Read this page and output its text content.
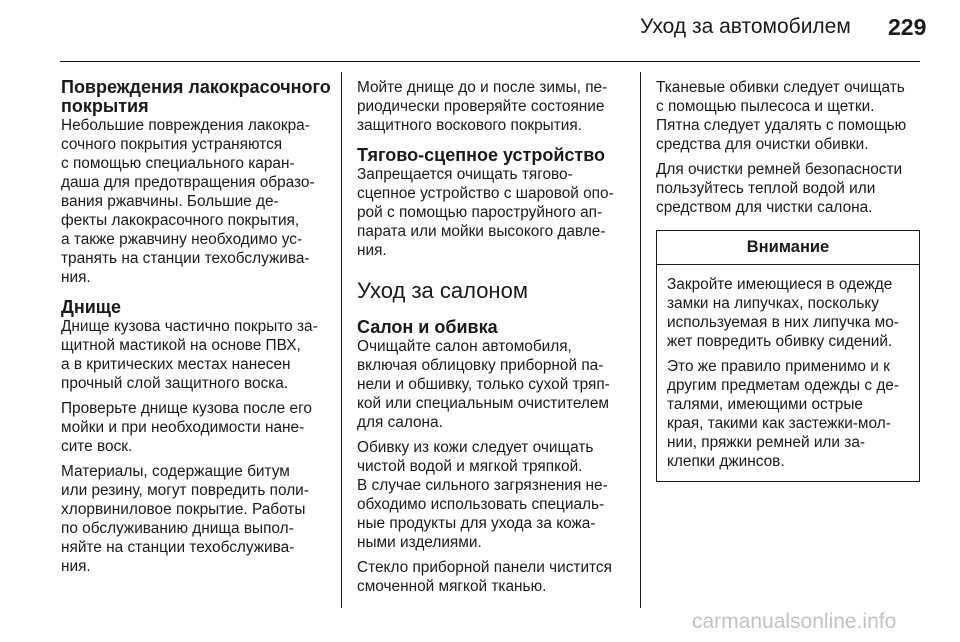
Уход за автомобилем 229
Повреждения лакокрасочного
покрытия
Небольшие повреждения лакокра-
сочного покрытия устраняются
с помощью специального каран-
даша для предотвращения образо-
вания ржавчины. Большие де-
фекты лакокрасочного покрытия,
а также ржавчину необходимо ус-
транять на станции техобслужива-
ния.
Днище
Днище кузова частично покрыто за-
щитной мастикой на основе ПВХ,
а в критических местах нанесен
прочный слой защитного воска.
Проверьте днище кузова после его
мойки и при необходимости нане-
сите воск.
Материалы, содержащие битум
или резину, могут повредить поли-
хлорвиниловое покрытие. Работы
по обслуживанию днища выпол-
няйте на станции техобслужива-
ния.
Мойте днище до и после зимы, пе-
риодически проверяйте состояние
защитного воскового покрытия.
Тягово-сцепное устройство
Запрещается очищать тягово-
сцепное устройство с шаровой опо-
рой с помощью пароструйного ап-
парата или мойки высокого давле-
ния.
Уход за салоном
Салон и обивка
Очищайте салон автомобиля,
включая облицовку приборной па-
нели и обшивку, только сухой тряп-
кой или специальным очистителем
для салона.
Обивку из кожи следует очищать
чистой водой и мягкой тряпкой.
В случае сильного загрязнения не-
обходимо использовать специаль-
ные продукты для ухода за кожа-
ными изделиями.
Стекло приборной панели чистится
смоченной мягкой тканью.
Тканевые обивки следует очищать
с помощью пылесоса и щетки.
Пятна следует удалять с помощью
средства для очистки обивки.
Для очистки ремней безопасности
пользуйтесь теплой водой или
средством для чистки салона.
Внимание
Закройте имеющиеся в одежде
замки на липучках, поскольку
используемая в них липучка мо-
жет повредить обивку сидений.
Это же правило применимо и к
другим предметам одежды с де-
талями, имеющими острые
края, такими как застежки-мол-
нии, пряжки ремней или за-
клепки джинсов.
carmanualsonline.info
